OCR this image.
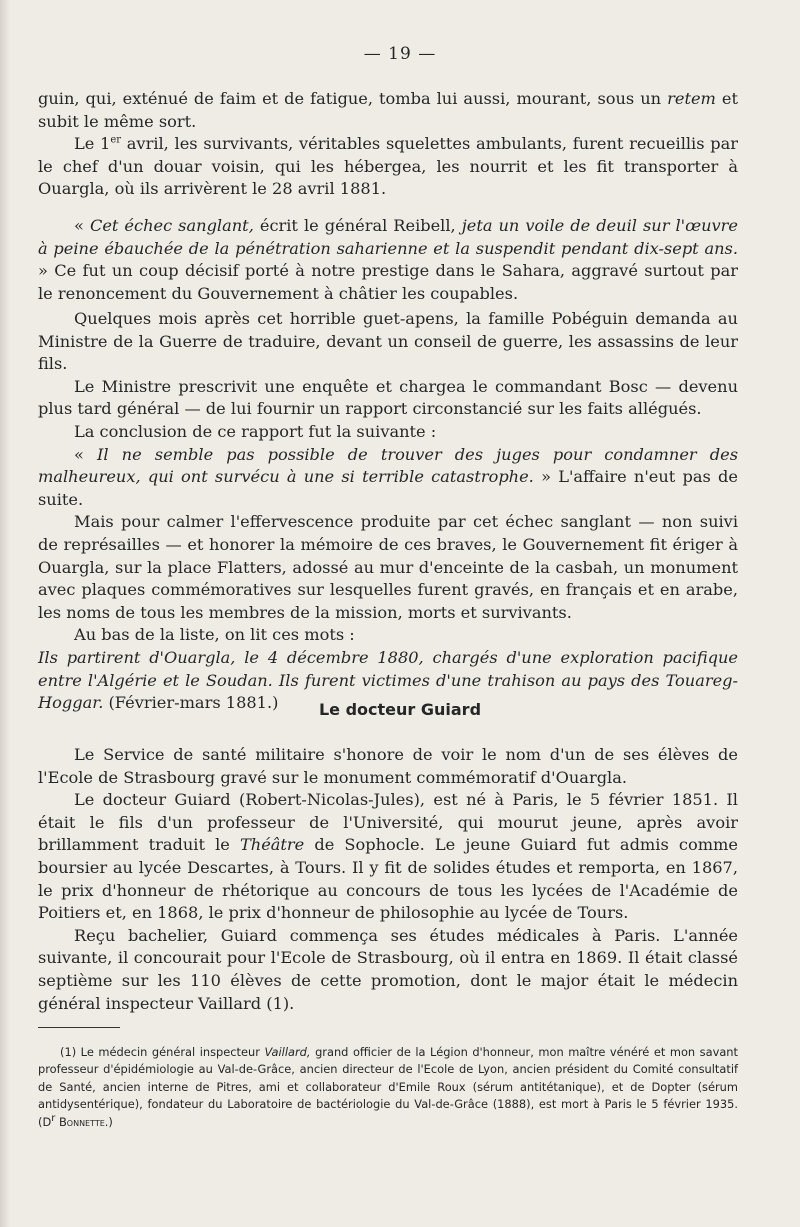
— 19 —

guin, qui, exténué de faim et de fatigue, tomba lui aussi, mourant, sous un retem et subit le même sort.

Le 1er avril, les survivants, véritables squelettes ambulants, furent recueillis par le chef d'un douar voisin, qui les hébergea, les nourrit et les fit transporter à Ouargla, où ils arrivèrent le 28 avril 1881.

« Cet échec sanglant, écrit le général Reibell, jeta un voile de deuil sur l'œuvre à peine ébauchée de la pénétration saharienne et la suspendit pendant dix-sept ans. » Ce fut un coup décisif porté à notre prestige dans le Sahara, aggravé surtout par le renoncement du Gouvernement à châtier les coupables.

Quelques mois après cet horrible guet-apens, la famille Pobéguin demanda au Ministre de la Guerre de traduire, devant un conseil de guerre, les assassins de leur fils.

Le Ministre prescrivit une enquête et chargea le commandant Bosc — devenu plus tard général — de lui fournir un rapport circonstancié sur les faits allégués.

La conclusion de ce rapport fut la suivante :

« Il ne semble pas possible de trouver des juges pour condamner des malheureux, qui ont survécu à une si terrible catastrophe. » L'affaire n'eut pas de suite.

Mais pour calmer l'effervescence produite par cet échec sanglant — non suivi de représailles — et honorer la mémoire de ces braves, le Gouvernement fit ériger à Ouargla, sur la place Flatters, adossé au mur d'enceinte de la casbah, un monument avec plaques commémoratives sur lesquelles furent gravés, en français et en arabe, les noms de tous les membres de la mission, morts et survivants.

Au bas de la liste, on lit ces mots :

Ils partirent d'Ouargla, le 4 décembre 1880, chargés d'une exploration pacifique entre l'Algérie et le Soudan. Ils furent victimes d'une trahison au pays des Touareg-Hoggar. (Février-mars 1881.)	Le docteur Guiard

Le Service de santé militaire s'honore de voir le nom d'un de ses élèves de l'Ecole de Strasbourg gravé sur le monument commémoratif d'Ouargla.

Le docteur Guiard (Robert-Nicolas-Jules), est né à Paris, le 5 février 1851. Il était le fils d'un professeur de l'Université, qui mourut jeune, après avoir brillamment traduit le Théâtre de Sophocle. Le jeune Guiard fut admis comme boursier au lycée Descartes, à Tours. Il y fit de solides études et remporta, en 1867, le prix d'honneur de rhétorique au concours de tous les lycées de l'Académie de Poitiers et, en 1868, le prix d'honneur de philosophie au lycée de Tours.

Reçu bachelier, Guiard commença ses études médicales à Paris. L'année suivante, il concourait pour l'Ecole de Strasbourg, où il entra en 1869. Il était classé septième sur les 110 élèves de cette promotion, dont le major était le médecin général inspecteur Vaillard (1).

(1) Le médecin général inspecteur Vaillard, grand officier de la Légion d'honneur, mon maître vénéré et mon savant professeur d'épidémiologie au Val-de-Grâce, ancien directeur de l'Ecole de Lyon, ancien président du Comité consultatif de Santé, ancien interne de Pitres, ami et collaborateur d'Emile Roux (sérum antitétanique), et de Dopter (sérum antidysentérique), fondateur du Laboratoire de bactériologie du Val-de-Grâce (1888), est mort à Paris le 5 février 1935. ($D^r$ Bonnette.)
